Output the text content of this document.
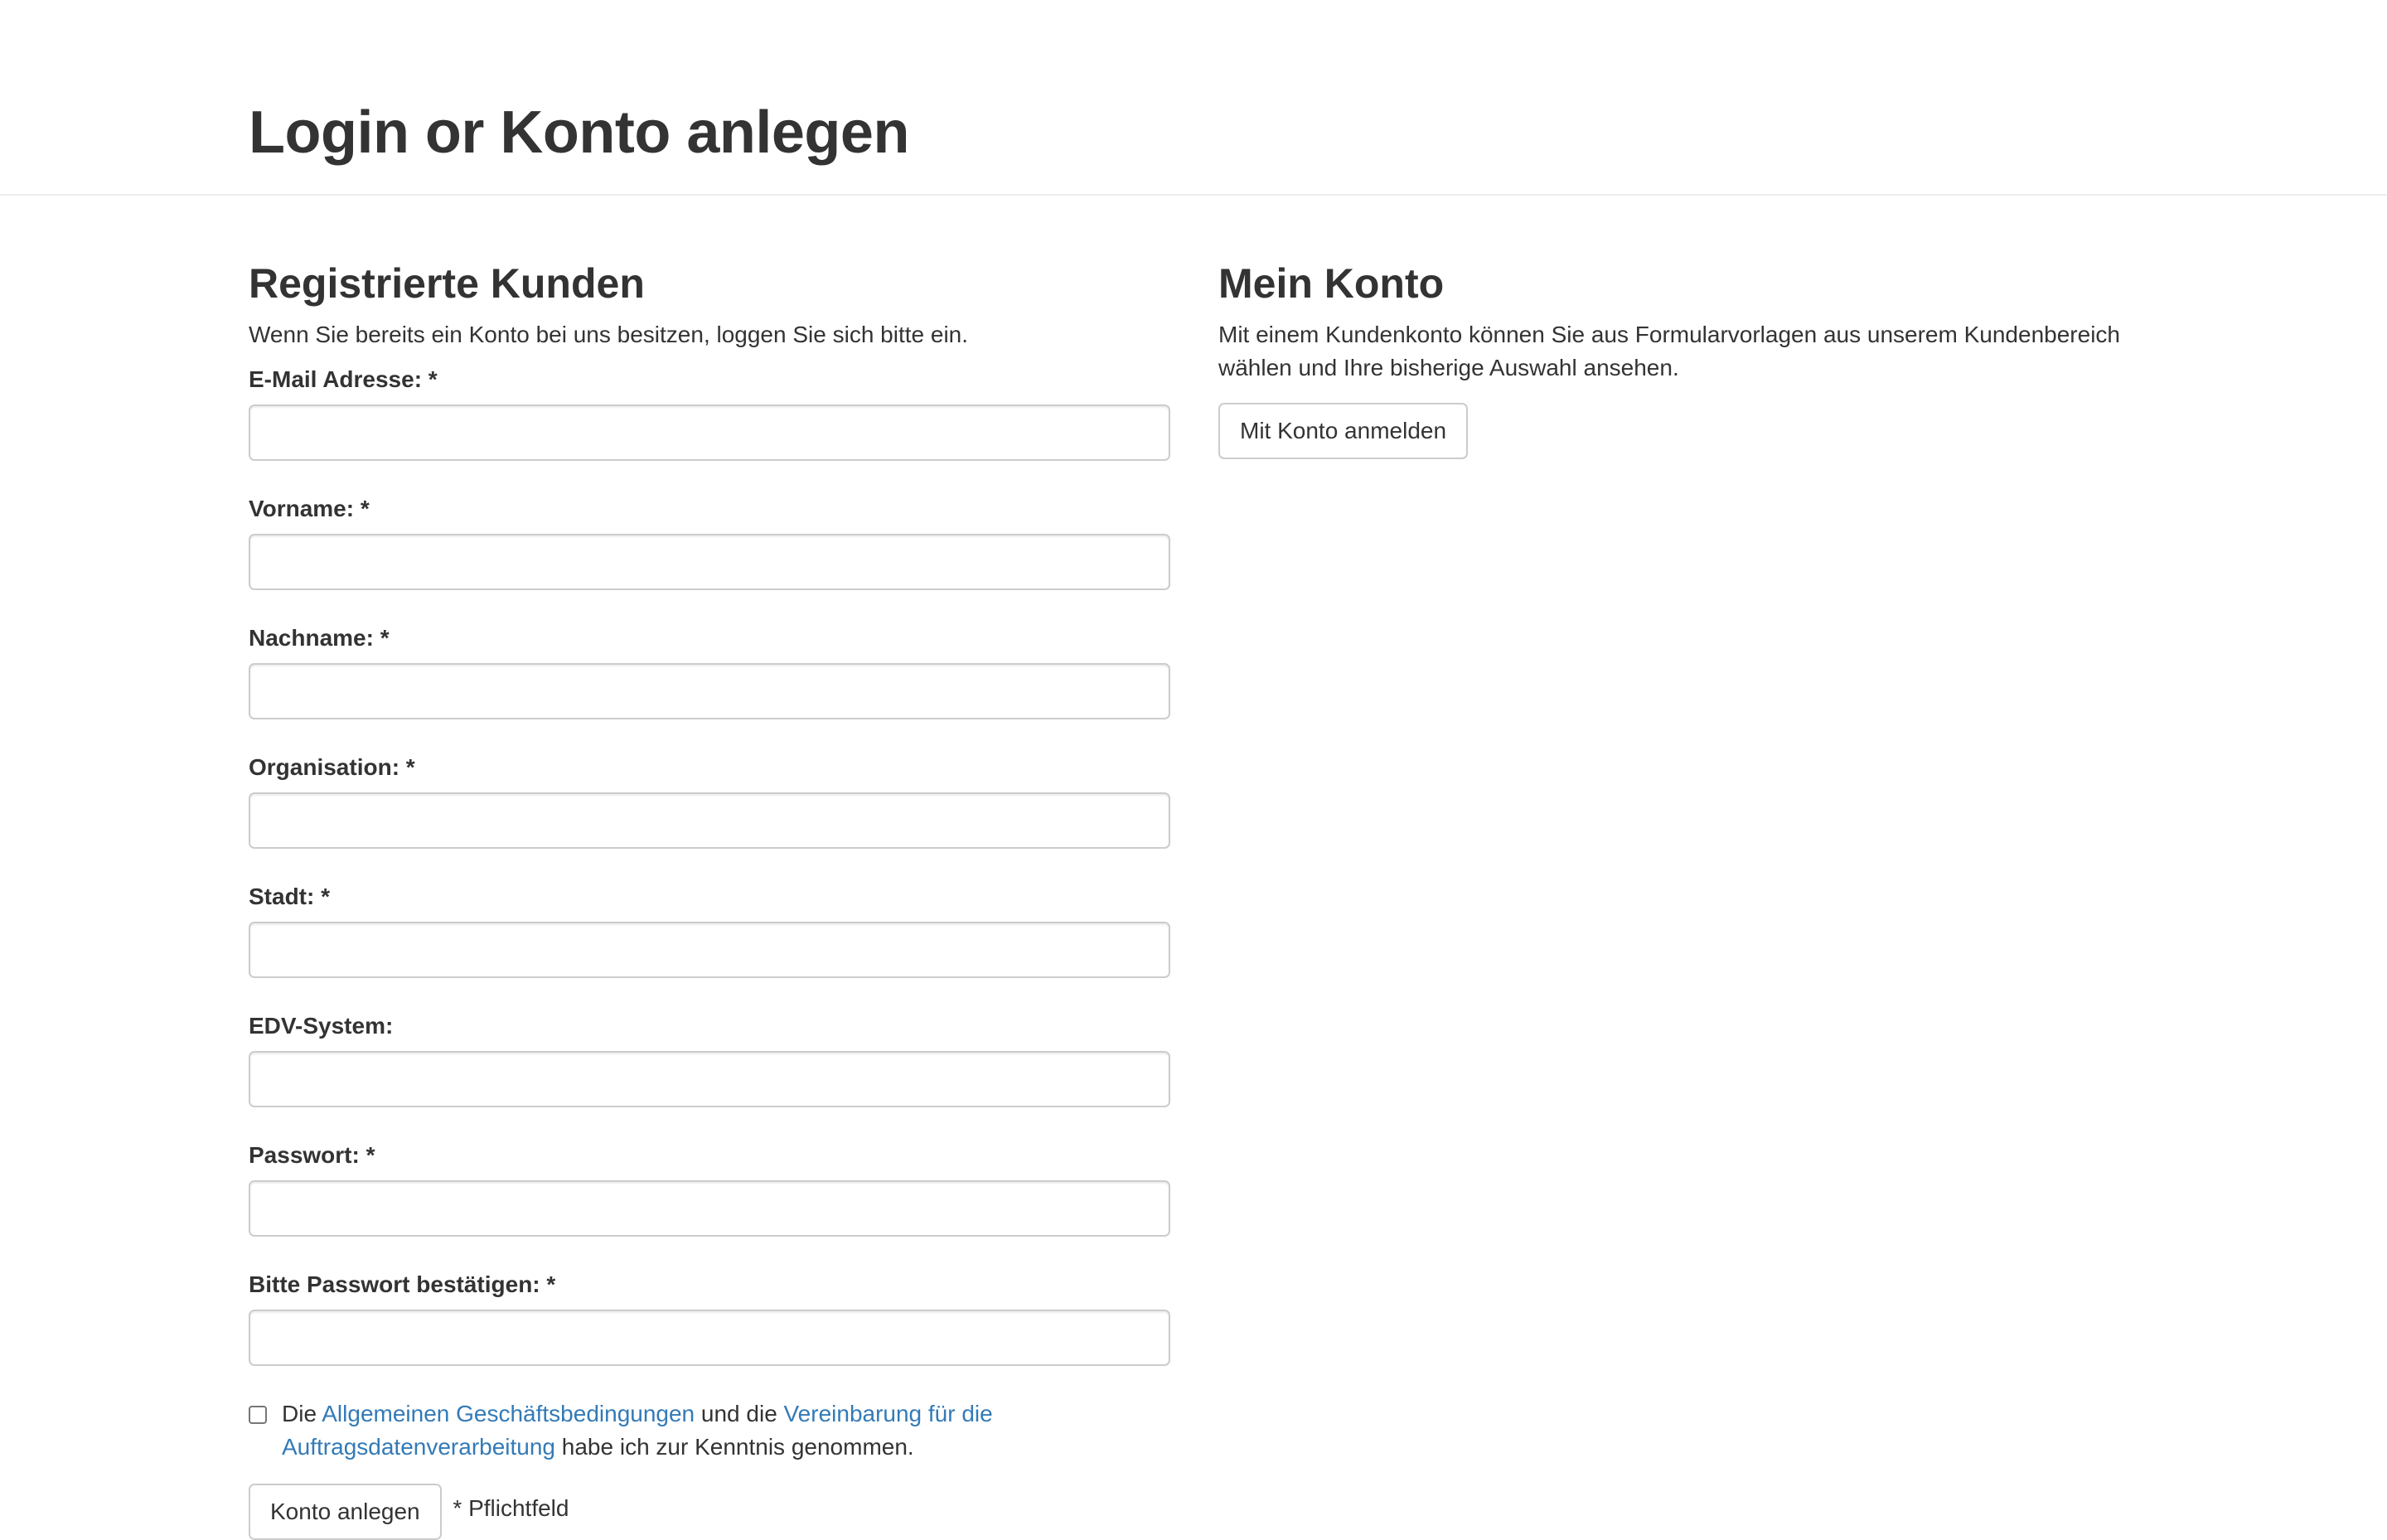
Login or Konto anlegen
Registrierte Kunden

Wenn Sie bereits ein Konto bei uns besitzen, loggen Sie sich bitte ein.

E-Mail Adresse: *
Vorname: *
Nachname: *
Organisation: *
Stadt: *
EDV-System:
Passwort: *
Bitte Passwort bestätigen: *
Die Allgemeinen Geschäftsbedingungen und die Vereinbarung für die Auftragsdatenverarbeitung habe ich zur Kenntnis genommen.
Konto anlegen * Pflichtfeld
Mein Konto

Mit einem Kundenkonto können Sie aus Formularvorlagen aus unserem Kundenbereich wählen und Ihre bisherige Auswahl ansehen.

Mit Konto anmelden
